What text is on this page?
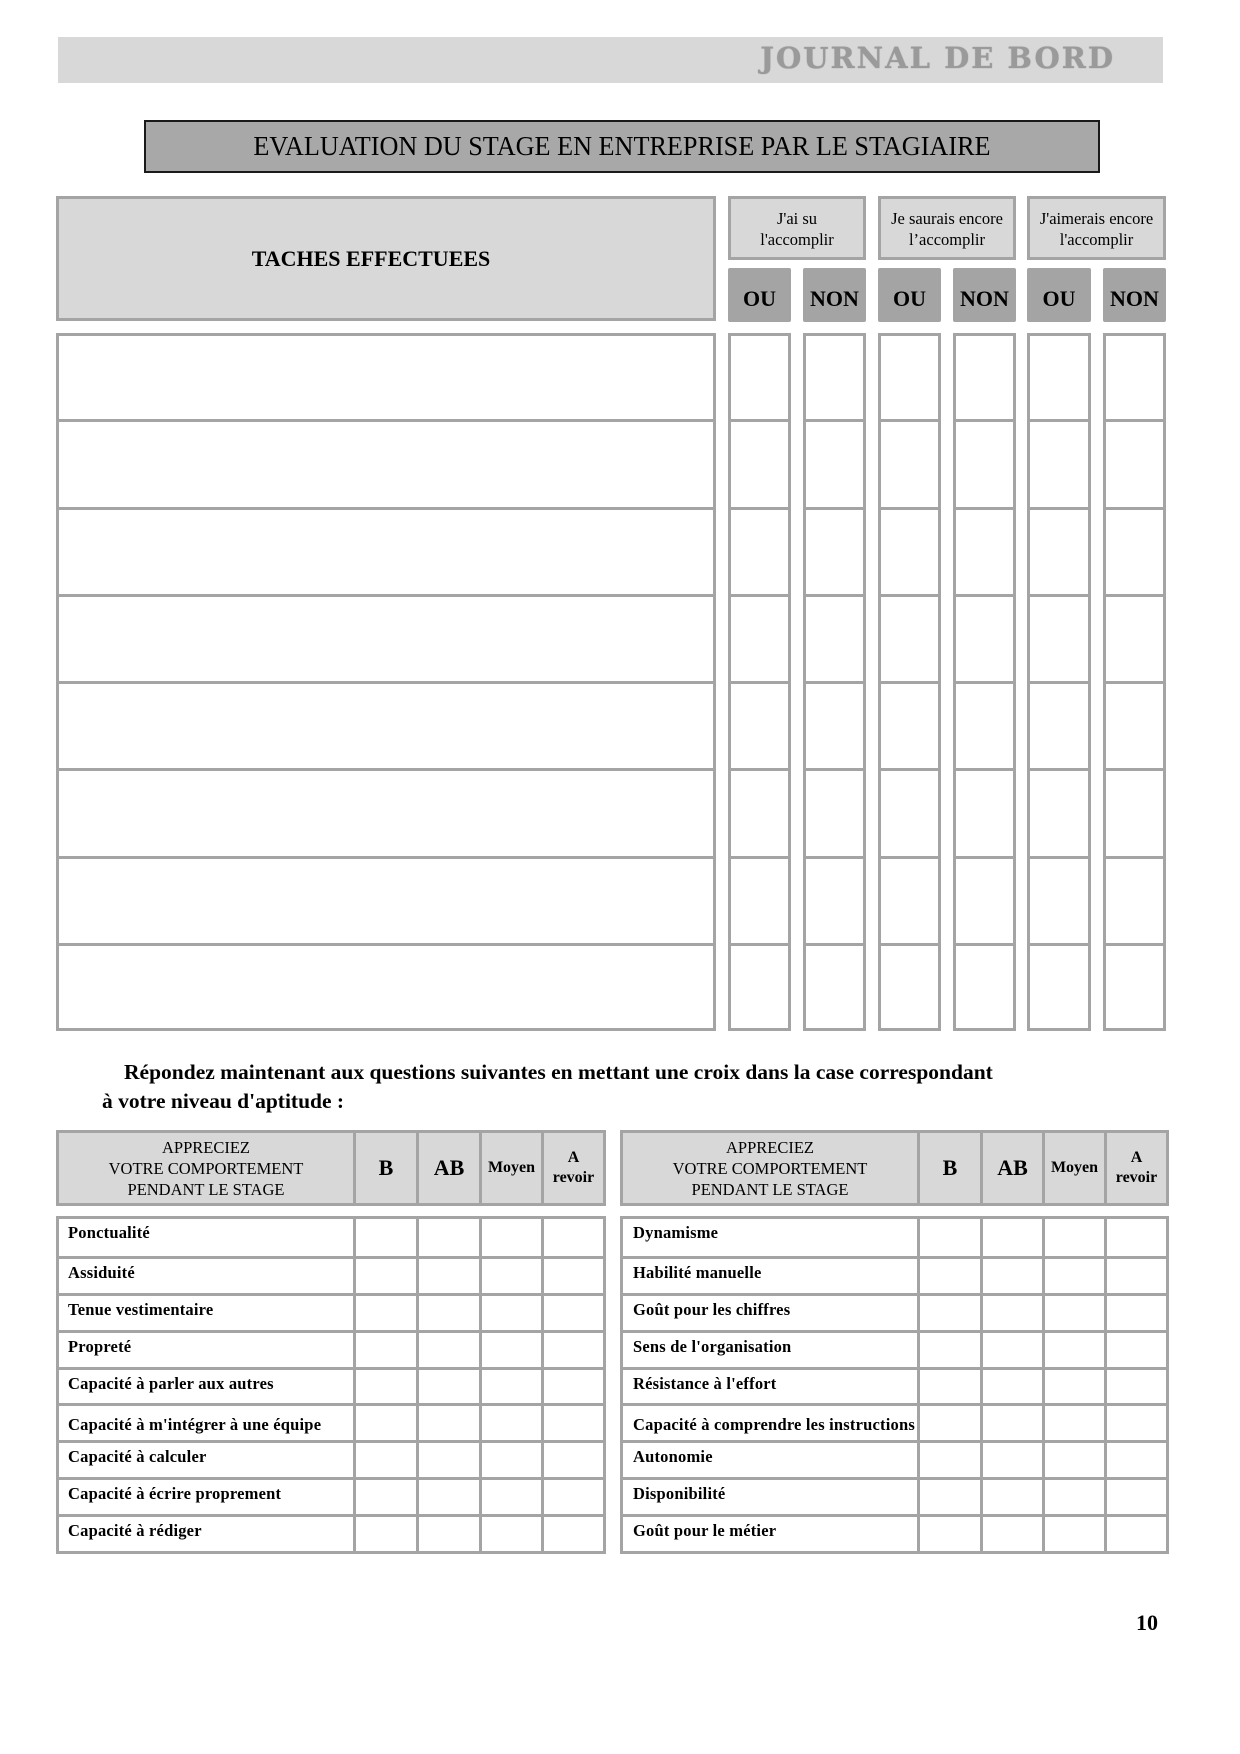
JOURNAL DE BORD
EVALUATION DU STAGE EN ENTREPRISE PAR LE STAGIAIRE
TACHES EFFECTUEES
J'ai su
l'accomplir
Je saurais encore
l’accomplir
J'aimerais encore
l'accomplir
OU	NON	OU	NON	OU	NON
Répondez maintenant aux questions suivantes en mettant une croix dans la case correspondant
à votre niveau d'aptitude :
APPRECIEZ
VOTRE COMPORTEMENT
PENDANT LE STAGE
B AB Moyen
A
revoir
Ponctualité
Assiduité
Tenue vestimentaire
Propreté
Capacité à parler aux autres
Capacité à m'intégrer à une équipe
Capacité à calculer
Capacité à écrire proprement
Capacité à rédiger
APPRECIEZ
VOTRE COMPORTEMENT
PENDANT LE STAGE
B AB Moyen
A
revoir
Dynamisme
Habilité manuelle
Goût pour les chiffres
Sens de l'organisation
Résistance à l'effort
Capacité à comprendre les instructions
Autonomie
Disponibilité
Goût pour le métier
10
